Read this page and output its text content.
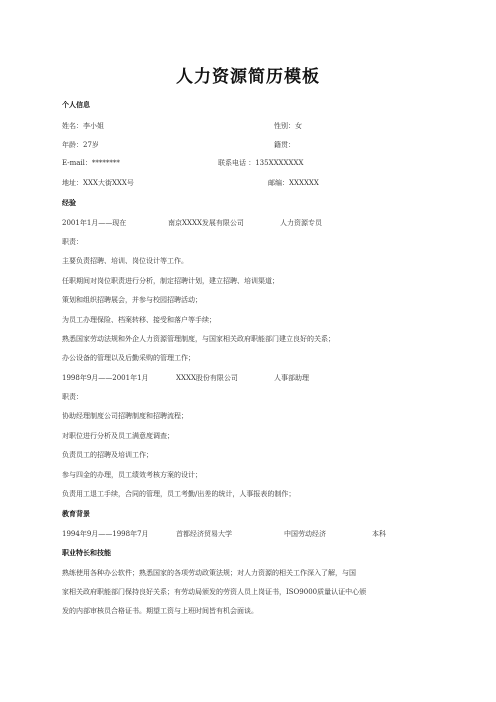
人力资源简历模板
个人信息
姓名：李小姐	性别：女
年龄：27岁	籍贯：
E-mail：********	联系电话 ：135XXXXXXX
地址：XXX大街XXX号	邮编：XXXXXX
经验
2001年1月——现在	南京XXXX发展有限公司	人力资源专员
职责：
主要负责招聘、培训、岗位设计等工作。
任职期间对岗位职责进行分析，制定招聘计划，建立招聘、培训渠道；
策划和组织招聘展会，并参与校园招聘活动；
为员工办理保险、档案转移、接受和落户等手续；
熟悉国家劳动法规和外企人力资源管理制度，与国家相关政府职能部门建立良好的关系；
办公设备的管理以及后勤采购的管理工作；
1998年9月——2001年1月	XXXX股份有限公司	人事部助理
职责：
协助经理制度公司招聘制度和招聘流程；
对职位进行分析及员工满意度调查；
负责员工的招聘及培训工作；
参与四金的办理，员工绩效考核方案的设计；
负责用工退工手续，合同的管理，员工考勤/出差的统计，人事报表的制作；
教育背景
1994年9月——1998年7月	首都经济贸易大学	中国劳动经济	本科
职业特长和技能
熟练使用各种办公软件；熟悉国家的各项劳动政策法规；对人力资源的相关工作深入了解，与国
家相关政府职能部门保持良好关系；有劳动局颁发的劳资人员上岗证书，ISO9000质量认证中心颁
发的内部审核员合格证书。期望工资与上班时间皆有机会面谈。
